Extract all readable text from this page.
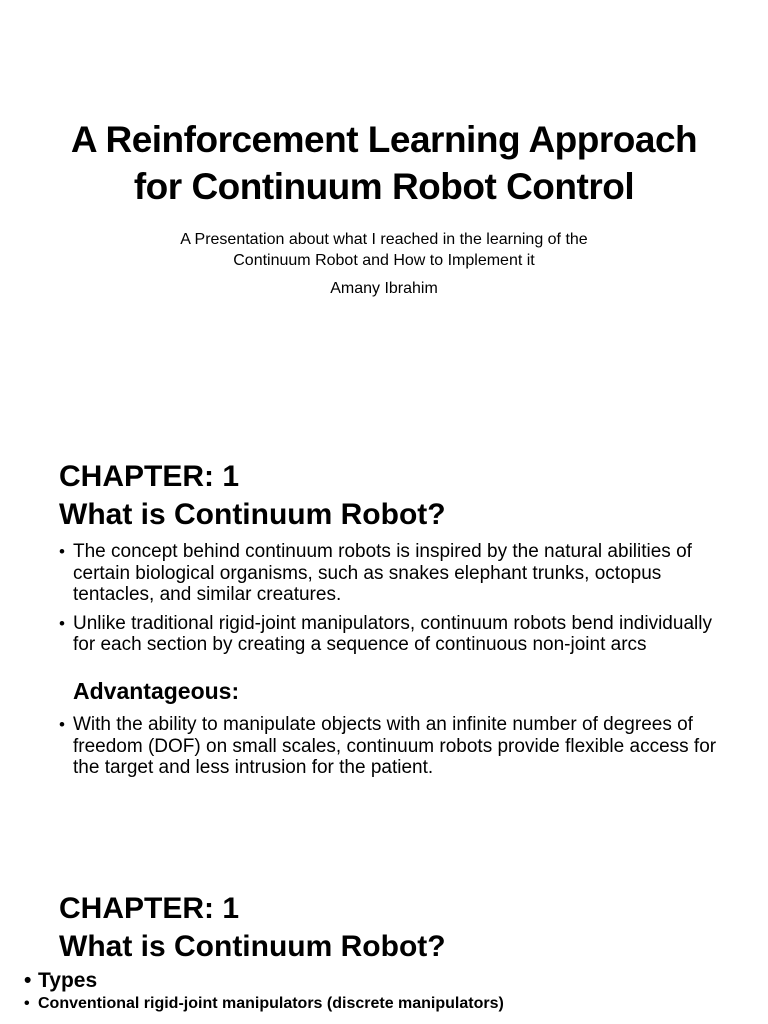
A Reinforcement Learning Approach
for Continuum Robot Control

A Presentation about what I reached in the learning of the
Continuum Robot and How to Implement it

Amany Ibrahim

CHAPTER: 1
What is Continuum Robot?
• The concept behind continuum robots is inspired by the natural abilities of certain biological organisms, such as snakes elephant trunks, octopus tentacles, and similar creatures.
• Unlike traditional rigid-joint manipulators, continuum robots bend individually for each section by creating a sequence of continuous non-joint arcs
Advantageous:
• With the ability to manipulate objects with an infinite number of degrees of freedom (DOF) on small scales, continuum robots provide flexible access for the target and less intrusion for the patient.
CHAPTER: 1
What is Continuum Robot?
• Types
• Conventional rigid-joint manipulators (discrete manipulators)
